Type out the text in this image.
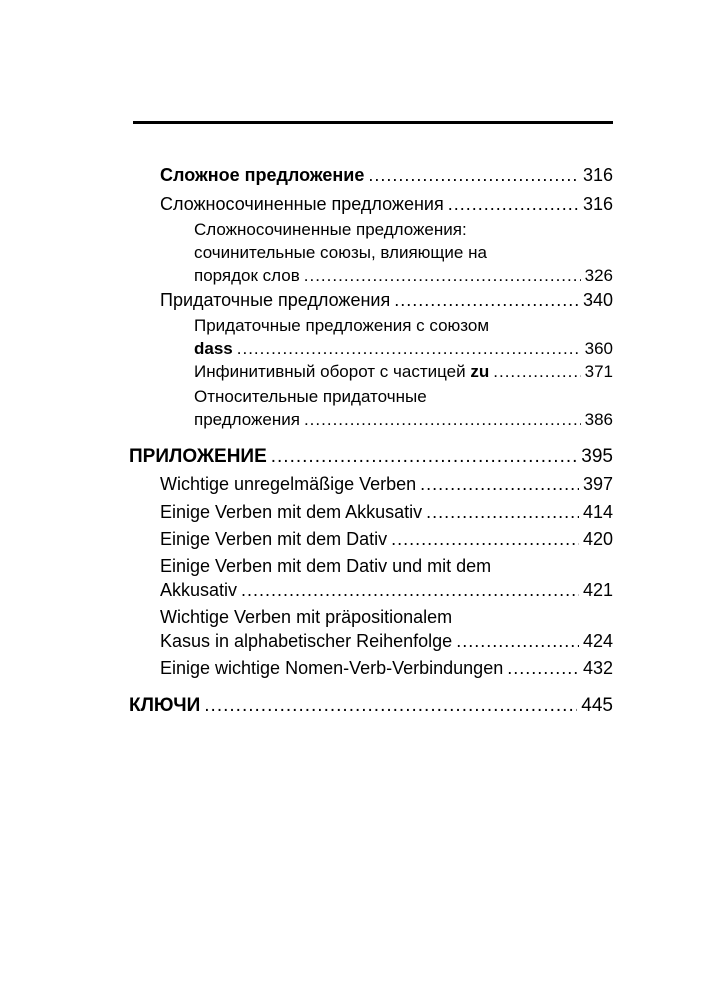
Сложное предложение .....	316
Сложносочиненные предложения .....	316
Сложносочиненные предложения:
сочинительные союзы, влияющие на
порядок слов .....	326
Придаточные предложения .....	340
Придаточные предложения с союзом
dass .....	360
Инфинитивный оборот с частицей
zu .....	371
Относительные придаточные
предложения .....	386
ПРИЛОЖЕНИЕ .....	395
Wichtige unregelmäßige Verben .....	397
Einige Verben mit dem Akkusativ .....	414
Einige Verben mit dem Dativ .....	420
Einige Verben mit dem Dativ und mit dem
Akkusativ .....	421
Wichtige Verben mit präpositionalem
Kasus in alphabetischer Reihenfolge .....	424
Einige wichtige Nomen-Verb-Verbindungen .....	432
КЛЮЧИ .....	445
